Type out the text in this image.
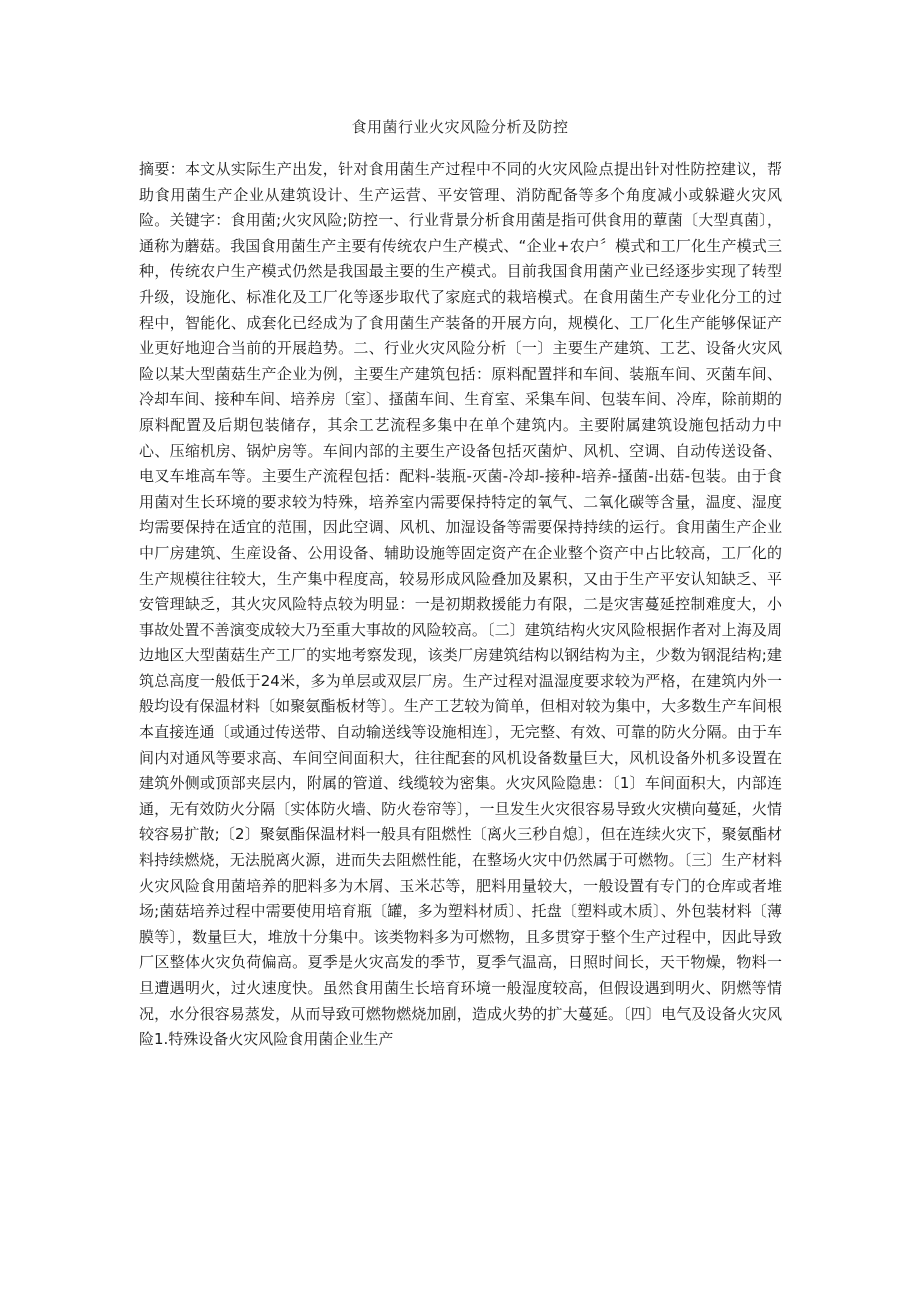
食用菌行业火灾风险分析及防控

摘要：本文从实际生产出发，针对食用菌生产过程中不同的火灾风险点提出针对性防控建议，帮助食用菌生产企业从建筑设计、生产运营、平安管理、消防配备等多个角度减小或躲避火灾风险。关键字：食用菌;火灾风险;防控一、行业背景分析食用菌是指可供食用的蕈菌〔大型真菌〕，通称为蘑菇。我国食用菌生产主要有传统农户生产模式、“企业+农户〞模式和工厂化生产模式三种，传统农户生产模式仍然是我国最主要的生产模式。目前我国食用菌产业已经逐步实现了转型升级，设施化、标准化及工厂化等逐步取代了家庭式的栽培模式。在食用菌生产专业化分工的过程中，智能化、成套化已经成为了食用菌生产装备的开展方向，规模化、工厂化生产能够保证产业更好地迎合当前的开展趋势。二、行业火灾风险分析〔一〕主要生产建筑、工艺、设备火灾风险以某大型菌菇生产企业为例，主要生产建筑包括：原料配置拌和车间、装瓶车间、灭菌车间、冷却车间、接种车间、培养房〔室〕、搔菌车间、生育室、采集车间、包装车间、冷库，除前期的原料配置及后期包装储存，其余工艺流程多集中在单个建筑内。主要附属建筑设施包括动力中心、压缩机房、锅炉房等。车间内部的主要生产设备包括灭菌炉、风机、空调、自动传送设备、电叉车堆高车等。主要生产流程包括：配料-装瓶-灭菌-冷却-接种-培养-搔菌-出菇-包装。由于食用菌对生长环境的要求较为特殊，培养室内需要保持特定的氧气、二氧化碳等含量，温度、湿度均需要保持在适宜的范围，因此空调、风机、加湿设备等需要保持持续的运行。食用菌生产企业中厂房建筑、生産设备、公用设备、辅助设施等固定资产在企业整个资产中占比较高，工厂化的生产规模往往较大，生产集中程度高，较易形成风险叠加及累积，又由于生产平安认知缺乏、平安管理缺乏，其火灾风险特点较为明显：一是初期救援能力有限，二是灾害蔓延控制难度大，小事故处置不善演变成较大乃至重大事故的风险较高。〔二〕建筑结构火灾风险根据作者对上海及周边地区大型菌菇生产工厂的实地考察发现，该类厂房建筑结构以钢结构为主，少数为钢混结构;建筑总高度一般低于24米，多为单层或双层厂房。生产过程对温湿度要求较为严格，在建筑内外一般均设有保温材料〔如聚氨酯板材等〕。生产工艺较为简单，但相对较为集中，大多数生产车间根本直接连通〔或通过传送带、自动输送线等设施相连〕，无完整、有效、可靠的防火分隔。由于车间内对通风等要求高、车间空间面积大，往往配套的风机设备数量巨大，风机设备外机多设置在建筑外侧或顶部夹层内，附属的管道、线缆较为密集。火灾风险隐患：〔1〕车间面积大，内部连通，无有效防火分隔〔实体防火墙、防火卷帘等〕，一旦发生火灾很容易导致火灾横向蔓延，火情较容易扩散;〔2〕聚氨酯保温材料一般具有阻燃性〔离火三秒自熄〕，但在连续火灾下，聚氨酯材料持续燃烧，无法脱离火源，进而失去阻燃性能，在整场火灾中仍然属于可燃物。〔三〕生产材料火灾风险食用菌培养的肥料多为木屑、玉米芯等，肥料用量较大，一般设置有专门的仓库或者堆场;菌菇培养过程中需要使用培育瓶〔罐，多为塑料材质〕、托盘〔塑料或木质〕、外包装材料〔薄膜等〕，数量巨大，堆放十分集中。该类物料多为可燃物，且多贯穿于整个生产过程中，因此导致厂区整体火灾负荷偏高。夏季是火灾高发的季节，夏季气温高，日照时间长，天干物燥，物料一旦遭遇明火，过火速度快。虽然食用菌生长培育环境一般湿度较高，但假设遇到明火、阴燃等情况，水分很容易蒸发，从而导致可燃物燃烧加剧，造成火势的扩大蔓延。〔四〕电气及设备火灾风险1.特殊设备火灾风险食用菌企业生产
